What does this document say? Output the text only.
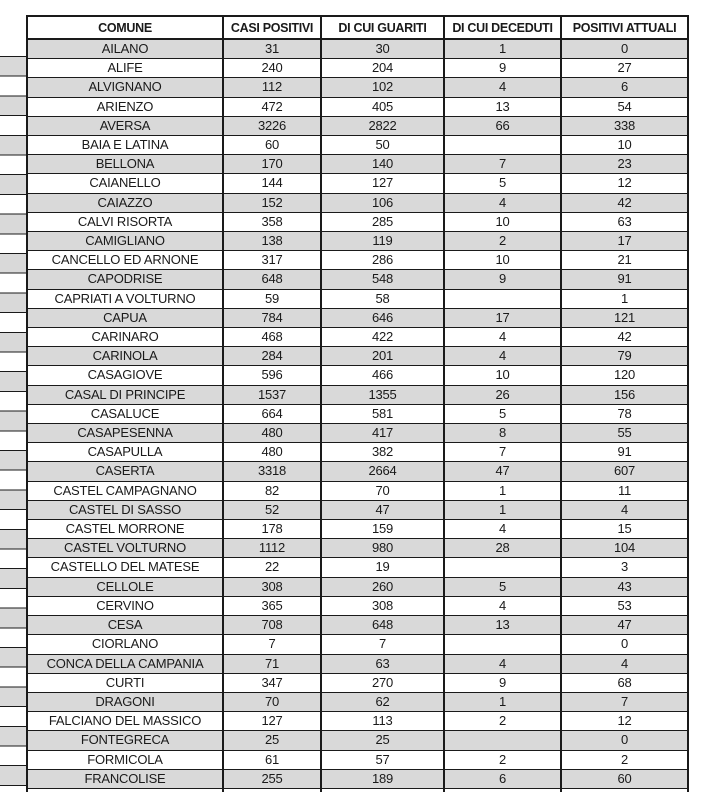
COMUNE	CASI POSITIVI	DI CUI GUARITI	DI CUI DECEDUTI	POSITIVI ATTUALI
AILANO	31	30	1	0
ALIFE	240	204	9	27
ALVIGNANO	112	102	4	6
ARIENZO	472	405	13	54
AVERSA	3226	2822	66	338
BAIA E LATINA	60	50		10
BELLONA	170	140	7	23
CAIANELLO	144	127	5	12
CAIAZZO	152	106	4	42
CALVI RISORTA	358	285	10	63
CAMIGLIANO	138	119	2	17
CANCELLO ED ARNONE	317	286	10	21
CAPODRISE	648	548	9	91
CAPRIATI A VOLTURNO	59	58		1
CAPUA	784	646	17	121
CARINARO	468	422	4	42
CARINOLA	284	201	4	79
CASAGIOVE	596	466	10	120
CASAL DI PRINCIPE	1537	1355	26	156
CASALUCE	664	581	5	78
CASAPESENNA	480	417	8	55
CASAPULLA	480	382	7	91
CASERTA	3318	2664	47	607
CASTEL CAMPAGNANO	82	70	1	11
CASTEL DI SASSO	52	47	1	4
CASTEL MORRONE	178	159	4	15
CASTEL VOLTURNO	1112	980	28	104
CASTELLO DEL MATESE	22	19		3
CELLOLE	308	260	5	43
CERVINO	365	308	4	53
CESA	708	648	13	47
CIORLANO	7	7		0
CONCA DELLA CAMPANIA	71	63	4	4
CURTI	347	270	9	68
DRAGONI	70	62	1	7
FALCIANO DEL MASSICO	127	113	2	12
FONTEGRECA	25	25		0
FORMICOLA	61	57	2	2
FRANCOLISE	255	189	6	60
